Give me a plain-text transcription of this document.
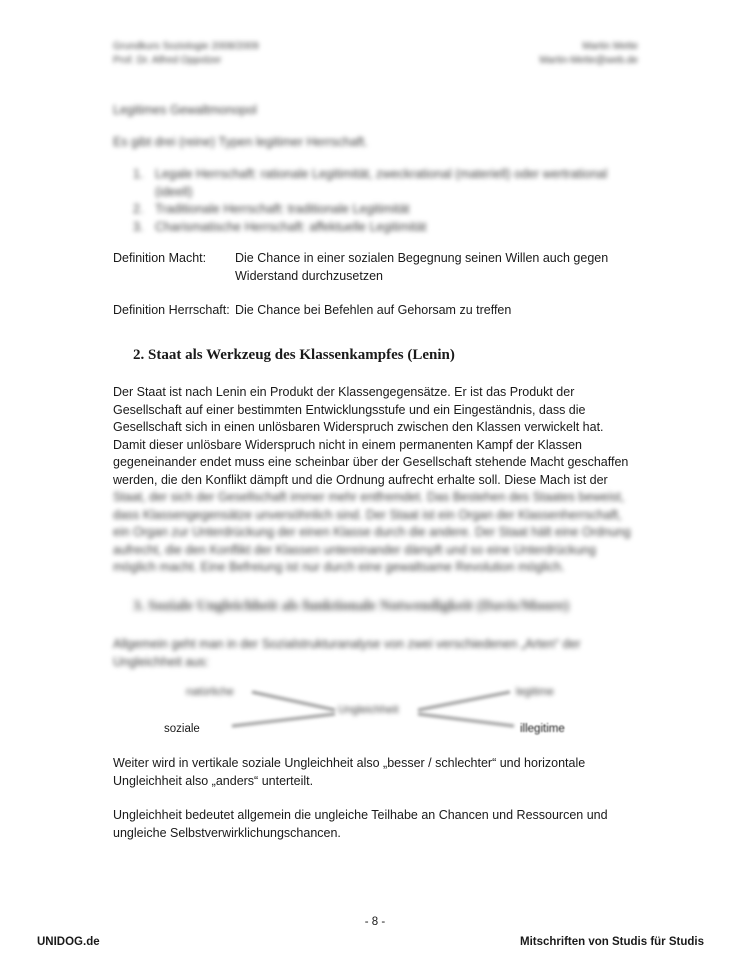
Grundkurs Soziologie 2008/2009
Prof. Dr. Alfred Oppolzer
Martin Mette
Martin-Mette@web.de
Legitimes Gewaltmonopol
Es gibt drei (reine) Typen legitimer Herrschaft.
1. Legale Herrschaft: rationale Legitimität, zweckrational (materiell) oder wertrational
(ideell)
2. Traditionale Herrschaft: traditionale Legitimität
3. Charismatische Herrschaft: affektuelle Legitimität
Definition Macht:	Die Chance in einer sozialen Begegnung seinen Willen auch gegen
Widerstand durchzusetzen
Definition Herrschaft: Die Chance bei Befehlen auf Gehorsam zu treffen
2. Staat als Werkzeug des Klassenkampfes (Lenin)
Der Staat ist nach Lenin ein Produkt der Klassengegensätze. Er ist das Produkt der
Gesellschaft auf einer bestimmten Entwicklungsstufe und ein Eingeständnis, dass die
Gesellschaft sich in einen unlösbaren Widerspruch zwischen den Klassen verwickelt hat.
Damit dieser unlösbare Widerspruch nicht in einem permanenten Kampf der Klassen
gegeneinander endet muss eine scheinbar über der Gesellschaft stehende Macht geschaffen
werden, die den Konflikt dämpft und die Ordnung aufrecht erhalte soll. Diese Mach ist der
Staat, der sich der Gesellschaft immer mehr entfremdet. Das Bestehen des Staates beweist,
dass Klassengegensätze unversöhnlich sind. Der Staat ist ein Organ der Klassenherrschaft,
ein Organ zur Unterdrückung der einen Klasse durch die andere. Der Staat hält eine Ordnung
aufrecht, die den Konflikt der Klassen untereinander dämpft und so eine Unterdrückung
möglich macht. Eine Befreiung ist nur durch eine gewaltsame Revolution möglich.
3. Soziale Ungleichheit als funktionale Notwendigkeit (Davis/Moore)
Allgemein geht man in der Sozialstrukturanalyse von zwei verschiedenen „Arten“ der
Ungleichheit aus:
natürliche	legitime
Ungleichheit
soziale	illegitime
Weiter wird in vertikale soziale Ungleichheit also „besser / schlechter“ und horizontale
Ungleichheit also „anders“ unterteilt.
Ungleichheit bedeutet allgemein die ungleiche Teilhabe an Chancen und Ressourcen und
ungleiche Selbstverwirklichungschancen.
- 8 -
UNIDOG.de	Mitschriften von Studis für Studis
